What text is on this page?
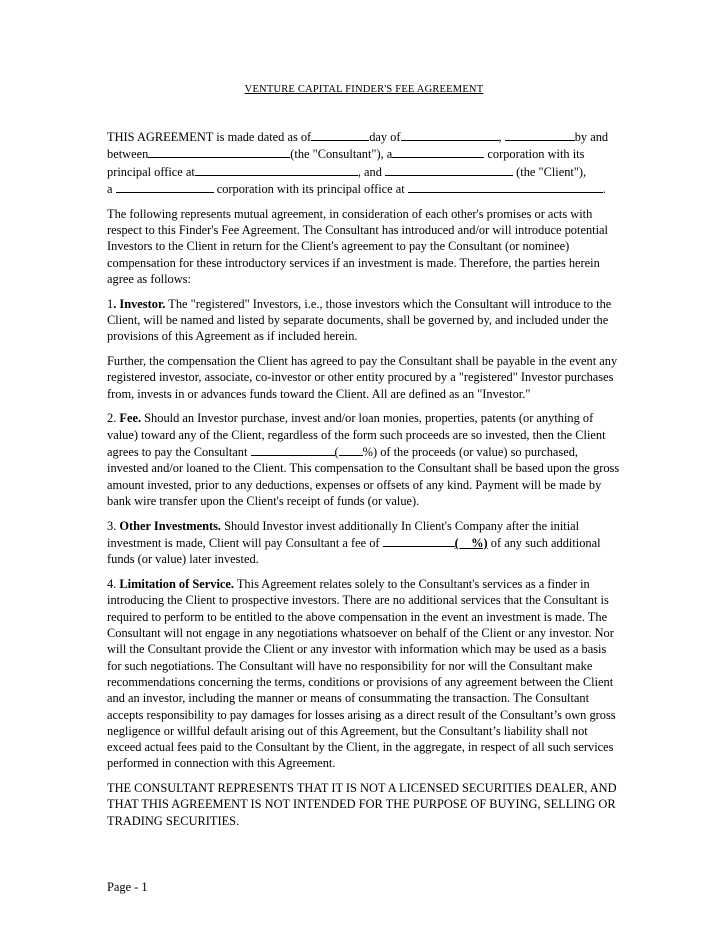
VENTURE CAPITAL FINDER'S FEE AGREEMENT

THIS AGREEMENT is made dated as of	day of	,	by and
between	(the "Consultant"), a	corporation with its
principal office at	, and	(the "Client"),
a	corporation with its principal office at	.

The following represents mutual agreement, in consideration of each other's promises or acts with respect to this Finder's Fee Agreement. The Consultant has introduced and/or will introduce potential Investors to the Client in return for the Client's agreement to pay the Consultant (or nominee) compensation for these introductory services if an investment is made. Therefore, the parties herein agree as follows:

1. Investor. The "registered" Investors, i.e., those investors which the Consultant will introduce to the Client, will be named and listed by separate documents, shall be governed by, and included under the provisions of this Agreement as if included herein.

Further, the compensation the Client has agreed to pay the Consultant shall be payable in the event any registered investor, associate, co-investor or other entity procured by a "registered" Investor purchases from, invests in or advances funds toward the Client. All are defined as an "Investor."

2. Fee. Should an Investor purchase, invest and/or loan monies, properties, patents (or anything of value) toward any of the Client, regardless of the form such proceeds are so invested, then the Client agrees to pay the Consultant	( %) of the proceeds (or value) so purchased, invested and/or loaned to the Client. This compensation to the Consultant shall be based upon the gross amount invested, prior to any deductions, expenses or offsets of any kind. Payment will be made by bank wire transfer upon the Client's receipt of funds (or value).

3. Other Investments. Should Investor invest additionally In Client's Company after the initial investment is made, Client will pay Consultant a fee of	(    %) of any such additional funds (or value) later invested.

4. Limitation of Service. This Agreement relates solely to the Consultant's services as a finder in introducing the Client to prospective investors. There are no additional services that the Consultant is required to perform to be entitled to the above compensation in the event an investment is made. The Consultant will not engage in any negotiations whatsoever on behalf of the Client or any investor. Nor will the Consultant provide the Client or any investor with information which may be used as a basis for such negotiations. The Consultant will have no responsibility for nor will the Consultant make recommendations concerning the terms, conditions or provisions of any agreement between the Client and an investor, including the manner or means of consummating the transaction. The Consultant accepts responsibility to pay damages for losses arising as a direct result of the Consultant’s own gross negligence or willful default arising out of this Agreement, but the Consultant’s liability shall not exceed actual fees paid to the Consultant by the Client, in the aggregate, in respect of all such services performed in connection with this Agreement.

THE CONSULTANT REPRESENTS THAT IT IS NOT A LICENSED SECURITIES DEALER, AND THAT THIS AGREEMENT IS NOT INTENDED FOR THE PURPOSE OF BUYING, SELLING OR TRADING SECURITIES.

Page - 1
